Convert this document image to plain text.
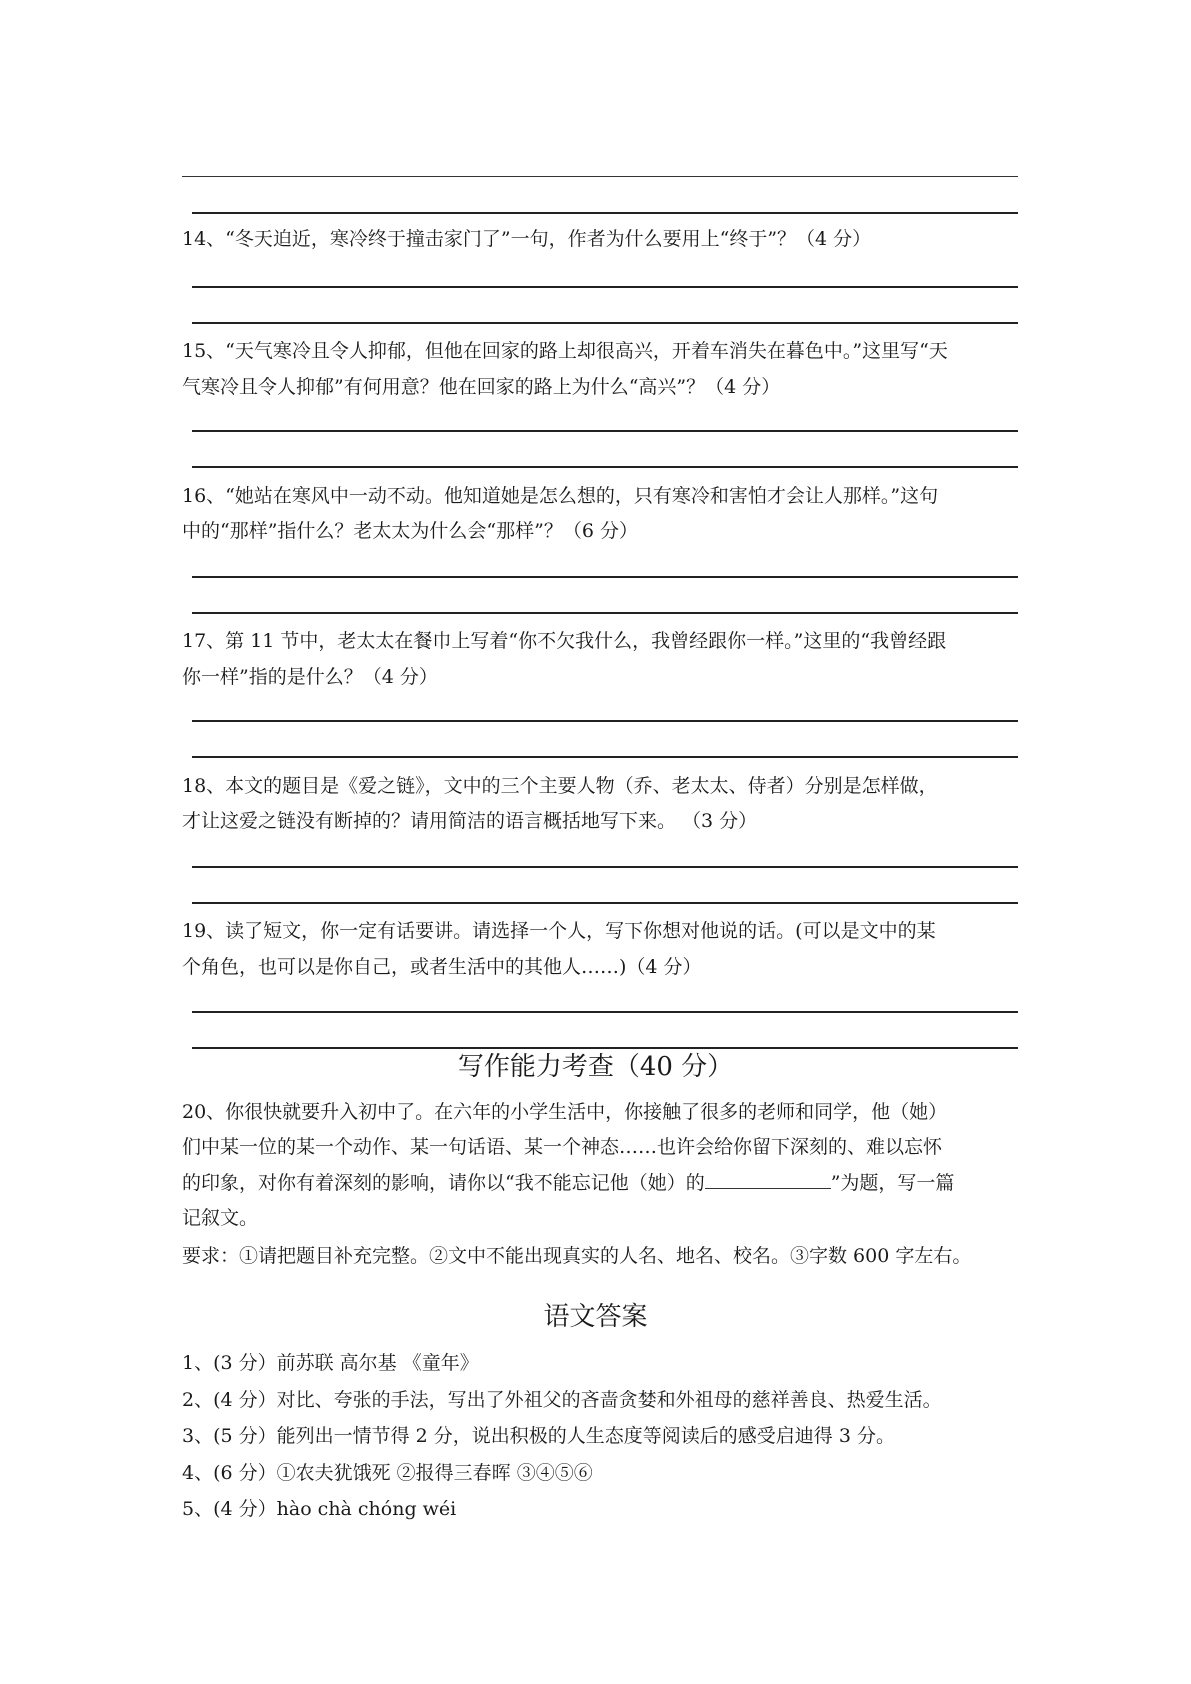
14、“冬天迫近，寒冷终于撞击家门了”一句，作者为什么要用上“终于”？（4 分）
15、“天气寒冷且令人抑郁，但他在回家的路上却很高兴，开着车消失在暮色中。”这里写“天
气寒冷且令人抑郁”有何用意？他在回家的路上为什么“高兴”？（4 分）
16、“她站在寒风中一动不动。他知道她是怎么想的，只有寒冷和害怕才会让人那样。”这句
中的“那样”指什么？老太太为什么会“那样”？（6 分）
17、第 11 节中，老太太在餐巾上写着“你不欠我什么，我曾经跟你一样。”这里的“我曾经跟
你一样”指的是什么？（4 分）
18、本文的题目是《爱之链》，文中的三个主要人物（乔、老太太、侍者）分别是怎样做，
才让这爱之链没有断掉的？请用简洁的语言概括地写下来。 （3 分）
19、读了短文，你一定有话要讲。请选择一个人，写下你想对他说的话。(可以是文中的某
个角色，也可以是你自己，或者生活中的其他人……)（4 分）
写作能力考查（40 分）
20、你很快就要升入初中了。在六年的小学生活中，你接触了很多的老师和同学，他（她）
们中某一位的某一个动作、某一句话语、某一个神态……也许会给你留下深刻的、难以忘怀
的印象，对你有着深刻的影响，请你以“我不能忘记他（她）的	”为题，写一篇
记叙文。
要求：①请把题目补充完整。②文中不能出现真实的人名、地名、校名。③字数 600 字左右。
语文答案
1、(3 分）前苏联 高尔基 《童年》
2、(4 分）对比、夸张的手法，写出了外祖父的吝啬贪婪和外祖母的慈祥善良、热爱生活。
3、(5 分）能列出一情节得 2 分，说出积极的人生态度等阅读后的感受启迪得 3 分。
4、(6 分）①农夫犹饿死 ②报得三春晖 ③④⑤⑥
5、(4 分）hào chà chóng wéi
